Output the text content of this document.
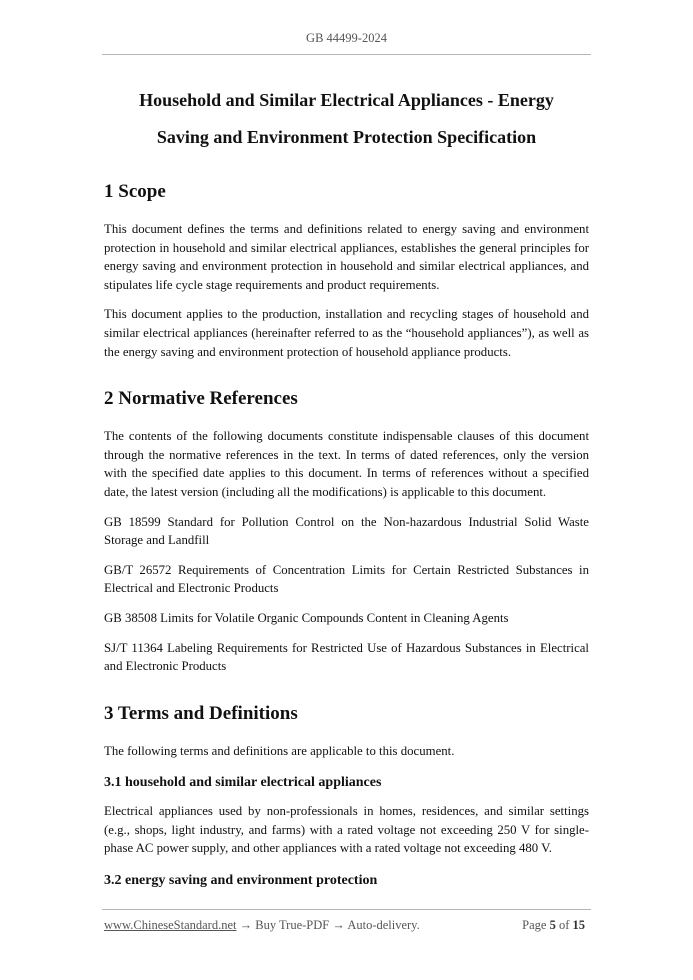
GB 44499-2024
Household and Similar Electrical Appliances - Energy
Saving and Environment Protection Specification
1 Scope

This document defines the terms and definitions related to energy saving and environment protection in household and similar electrical appliances, establishes the general principles for energy saving and environment protection in household and similar electrical appliances, and stipulates life cycle stage requirements and product requirements.

This document applies to the production, installation and recycling stages of household and similar electrical appliances (hereinafter referred to as the “household appliances”), as well as the energy saving and environment protection of household appliance products.

2 Normative References

The contents of the following documents constitute indispensable clauses of this document through the normative references in the text. In terms of dated references, only the version with the specified date applies to this document. In terms of references without a specified date, the latest version (including all the modifications) is applicable to this document.

GB 18599 Standard for Pollution Control on the Non-hazardous Industrial Solid Waste Storage and Landfill

GB/T 26572 Requirements of Concentration Limits for Certain Restricted Substances in Electrical and Electronic Products

GB 38508 Limits for Volatile Organic Compounds Content in Cleaning Agents

SJ/T 11364 Labeling Requirements for Restricted Use of Hazardous Substances in Electrical and Electronic Products

3 Terms and Definitions

The following terms and definitions are applicable to this document.

3.1 household and similar electrical appliances

Electrical appliances used by non-professionals in homes, residences, and similar settings (e.g., shops, light industry, and farms) with a rated voltage not exceeding 250 V for single-phase AC power supply, and other appliances with a rated voltage not exceeding 480 V.

3.2 energy saving and environment protection
www.ChineseStandard.net → Buy True-PDF → Auto-delivery.	Page 5 of 15
